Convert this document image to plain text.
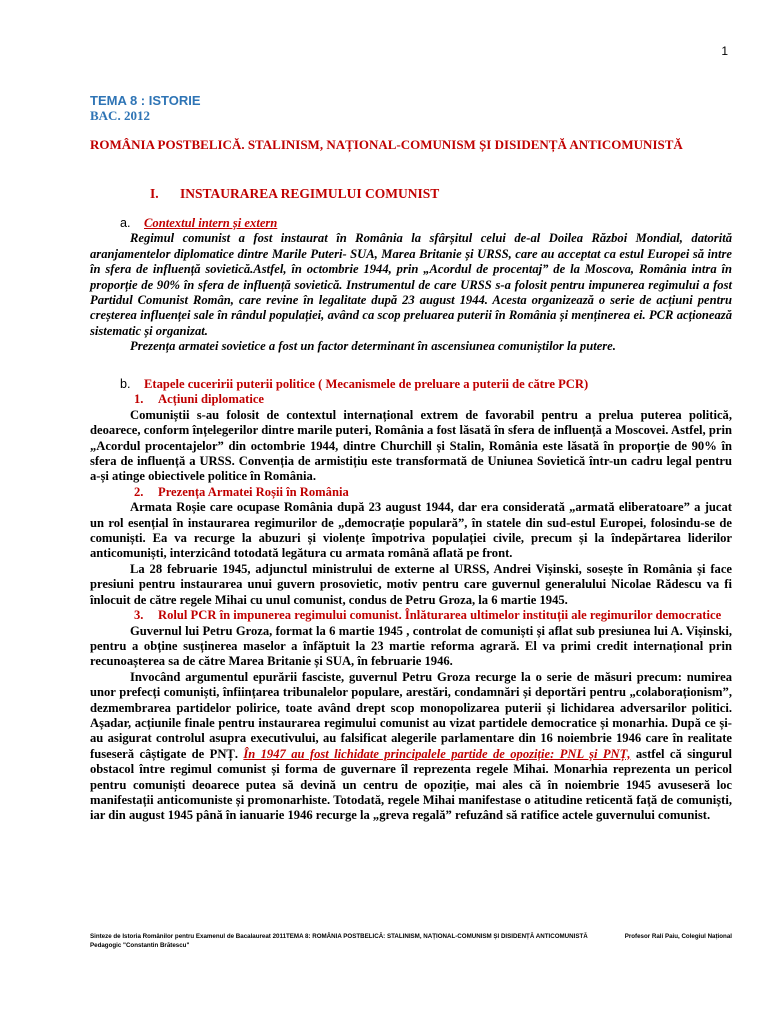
1
TEMA 8 : ISTORIE
BAC. 2012
ROMÂNIA POSTBELICĂ. STALINISM, NAȚIONAL-COMUNISM ȘI DISIDENȚĂ ANTICOMUNISTĂ
I. INSTAURAREA REGIMULUI COMUNIST

a. Contextul intern și extern

Regimul comunist a fost instaurat în România la sfârșitul celui de-al Doilea Război Mondial, datorită aranjamentelor diplomatice dintre Marile Puteri- SUA, Marea Britanie și URSS, care au acceptat ca estul Europei să intre în sfera de influență sovietică.Astfel, în octombrie 1944, prin „Acordul de procentaj” de la Moscova, România intra în proporție de 90% în sfera de influență sovietică. Instrumentul de care URSS s-a folosit pentru impunerea regimului a fost Partidul Comunist Român, care revine în legalitate după 23 august 1944. Acesta organizează o serie de acțiuni pentru creșterea influenței sale în rândul populației, având ca scop preluarea puterii în România și menținerea ei. PCR acționează sistematic și organizat.

Prezența armatei sovietice a fost un factor determinant în ascensiunea comuniștilor la putere.

b. Etapele cuceririi puterii politice ( Mecanismele de preluare a puterii de către PCR)

1. Acțiuni diplomatice

Comuniștii s-au folosit de contextul internațional extrem de favorabil pentru a prelua puterea politică, deoarece, conform înțelegerilor dintre marile puteri, România a fost lăsată în sfera de influență a Moscovei. Astfel, prin „Acordul procentajelor” din octombrie 1944, dintre Churchill și Stalin, România este lăsată în proporție de 90% în sfera de influență a URSS. Convenția de armistițiu este transformată de Uniunea Sovietică într-un cadru legal pentru a-și atinge obiectivele politice în România.

2. Prezența Armatei Roșii în România

Armata Roșie care ocupase România după 23 august 1944, dar era considerată „armată eliberatoare” a jucat un rol esențial în instaurarea regimurilor de „democrație populară”, în statele din sud-estul Europei, folosindu-se de comuniști. Ea va recurge la abuzuri și violențe împotriva populației civile, precum și la îndepărtarea liderilor anticomuniști, interzicând totodată legătura cu armata română aflată pe front.

La 28 februarie 1945, adjunctul ministrului de externe al URSS, Andrei Vișinski, sosește în România și face presiuni pentru instaurarea unui guvern prosovietic, motiv pentru care guvernul generalului Nicolae Rădescu va fi înlocuit de către regele Mihai cu unul comunist, condus de Petru Groza, la 6 martie 1945.

3. Rolul PCR în impunerea regimului comunist. Înlăturarea ultimelor instituții ale regimurilor democratice

Guvernul lui Petru Groza, format la 6 martie 1945 , controlat de comuniști și aflat sub presiunea lui A. Vișinski, pentru a obține susținerea maselor a înfăptuit la 23 martie reforma agrară. El va primi credit internațional prin recunoașterea sa de către Marea Britanie și SUA, în februarie 1946.

Invocând argumentul epurării fasciste, guvernul Petru Groza recurge la o serie de măsuri precum: numirea unor prefecți comuniști, înființarea tribunalelor populare, arestări, condamnări și deportări pentru „colaboraționism”, dezmembrarea partidelor polirice, toate având drept scop monopolizarea puterii și lichidarea adversarilor politici. Așadar, acțiunile finale pentru instaurarea regimului comunist au vizat partidele democratice și monarhia. După ce și-au asigurat controlul asupra executivului, au falsificat alegerile parlamentare din 16 noiembrie 1946 care în realitate fuseseră câștigate de PNȚ. În 1947 au fost lichidate principalele partide de opoziție: PNL și PNȚ, astfel că singurul obstacol între regimul comunist și forma de guvernare îl reprezenta regele Mihai. Monarhia reprezenta un pericol pentru comuniști deoarece putea să devină un centru de opoziție, mai ales că în noiembrie 1945 avuseseră loc manifestații anticomuniste și promonarhiste. Totodată, regele Mihai manifestase o atitudine reticentă față de comuniști, iar din august 1945 până în ianuarie 1946 recurge la „greva regală” refuzând să ratifice actele guvernului comunist.

Sinteze de Istoria Românilor pentru Examenul de Bacalaureat 2011TEMA 8: ROMÂNIA POSTBELICĂ: STALINISM, NAȚIONAL-COMUNISM ȘI DISIDENȚĂ ANTICOMUNISTĂ	Profesor Ralí Paiu, Colegiul Național
Pedagogic "Constantin Brătescu"
